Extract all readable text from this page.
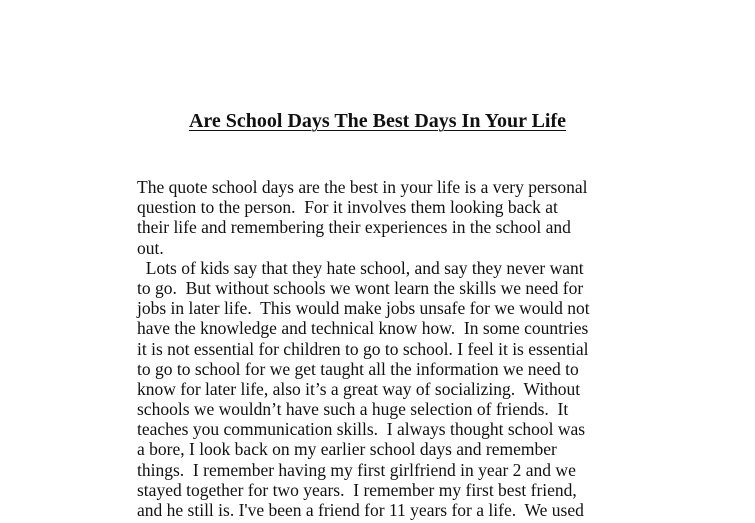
Are School Days The Best Days In Your Life
The quote school days are the best in your life is a very personal
question to the person.  For it involves them looking back at
their life and remembering their experiences in the school and
out.
Lots of kids say that they hate school, and say they never want
to go.  But without schools we wont learn the skills we need for
jobs in later life.  This would make jobs unsafe for we would not
have the knowledge and technical know how.  In some countries
it is not essential for children to go to school. I feel it is essential
to go to school for we get taught all the information we need to
know for later life, also it’s a great way of socializing.  Without
schools we wouldn’t have such a huge selection of friends.  It
teaches you communication skills.  I always thought school was
a bore, I look back on my earlier school days and remember
things.  I remember having my first girlfriend in year 2 and we
stayed together for two years.  I remember my first best friend,
and he still is. I've been a friend for 11 years for a life.  We used
